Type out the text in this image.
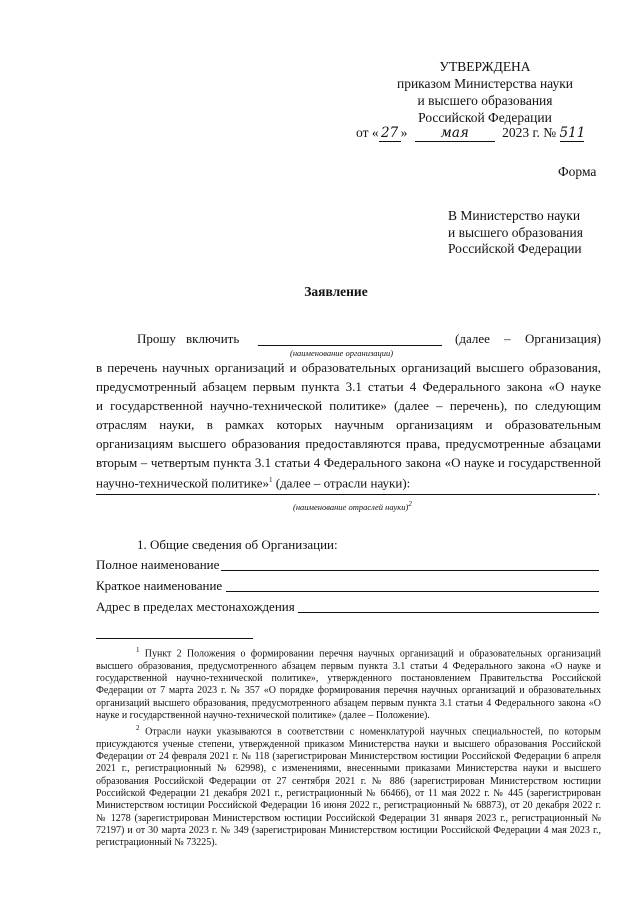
УТВЕРЖДЕНА
приказом Министерства науки
и высшего образования
Российской Федерации
от « 27 » мая 2023 г. № 511
Форма
В Министерство науки
и высшего образования
Российской Федерации
Заявление
Прошу включить	(далее – Организация)
(наименование организации)
в перечень научных организаций и образовательных организаций высшего образования,
предусмотренный абзацем первым пункта 3.1 статьи 4 Федерального закона «О науке
и государственной научно-технической политике» (далее – перечень), по следующим
отраслям науки, в рамках которых научным организациям и образовательным
организациям высшего образования предоставляются права, предусмотренные абзацами
вторым – четвертым пункта 3.1 статьи 4 Федерального закона «О науке и государственной
научно-технической политике»$^1$ (далее – отрасли науки):
.
(наименование отраслей науки)$^2$
1. Общие сведения об Организации:
Полное наименование
Краткое наименование
Адрес в пределах местонахождения

$^1$ Пункт 2 Положения о формировании перечня научных организаций и образовательных организаций высшего образования, предусмотренного абзацем первым пункта 3.1 статьи 4 Федерального закона «О науке и государственной научно-технической политике», утвержденного постановлением Правительства Российской Федерации от 7 марта 2023 г. № 357 «О порядке формирования перечня научных организаций и образовательных организаций высшего образования, предусмотренного абзацем первым пункта 3.1 статьи 4 Федерального закона «О науке и государственной научно-технической политике» (далее – Положение).

$^2$ Отрасли науки указываются в соответствии с номенклатурой научных специальностей, по которым присуждаются ученые степени, утвержденной приказом Министерства науки и высшего образования Российской Федерации от 24 февраля 2021 г. № 118 (зарегистрирован Министерством юстиции Российской Федерации 6 апреля 2021 г., регистрационный № 62998), с изменениями, внесенными приказами Министерства науки и высшего образования Российской Федерации от 27 сентября 2021 г. № 886 (зарегистрирован Министерством юстиции Российской Федерации 21 декабря 2021 г., регистрационный № 66466), от 11 мая 2022 г. № 445 (зарегистрирован Министерством юстиции Российской Федерации 16 июня 2022 г., регистрационный № 68873), от 20 декабря 2022 г. № 1278 (зарегистрирован Министерством юстиции Российской Федерации 31 января 2023 г., регистрационный № 72197) и от 30 марта 2023 г. № 349 (зарегистрирован Министерством юстиции Российской Федерации 4 мая 2023 г., регистрационный № 73225).
